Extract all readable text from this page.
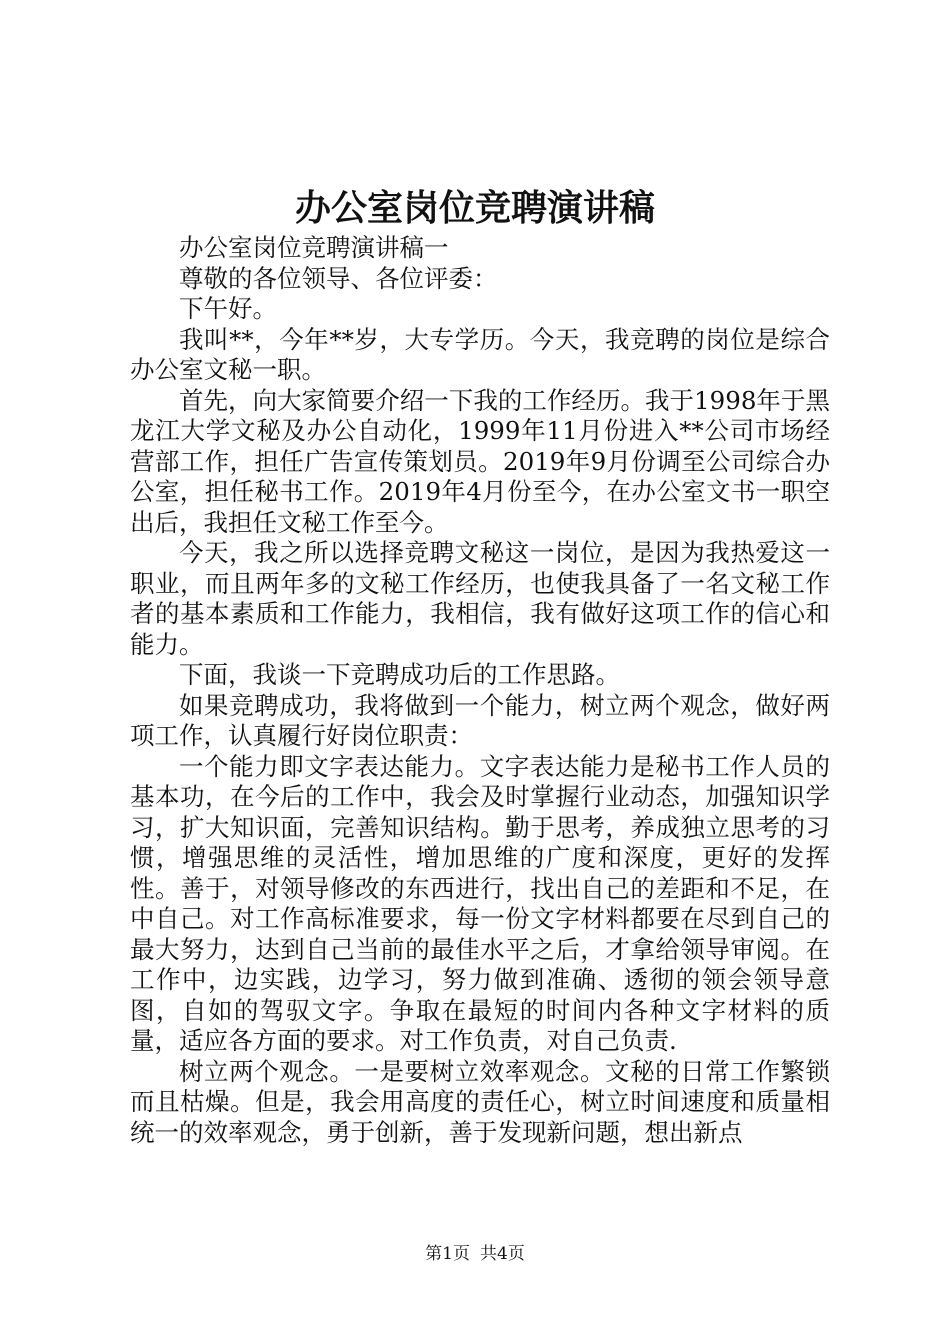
办公室岗位竞聘演讲稿

办公室岗位竞聘演讲稿一

尊敬的各位领导、各位评委：

下午好。

我叫**，今年**岁，大专学历。今天，我竞聘的岗位是综合办公室文秘一职。

首先，向大家简要介绍一下我的工作经历。我于1998年于黑龙江大学文秘及办公自动化，1999年11月份进入**公司市场经营部工作，担任广告宣传策划员。2019年9月份调至公司综合办公室，担任秘书工作。2019年4月份至今，在办公室文书一职空出后，我担任文秘工作至今。

今天，我之所以选择竞聘文秘这一岗位，是因为我热爱这一职业，而且两年多的文秘工作经历，也使我具备了一名文秘工作者的基本素质和工作能力，我相信，我有做好这项工作的信心和能力。

下面，我谈一下竞聘成功后的工作思路。

如果竞聘成功，我将做到一个能力，树立两个观念，做好两项工作，认真履行好岗位职责：

一个能力即文字表达能力。文字表达能力是秘书工作人员的基本功，在今后的工作中，我会及时掌握行业动态，加强知识学习，扩大知识面，完善知识结构。勤于思考，养成独立思考的习惯，增强思维的灵活性，增加思维的广度和深度，更好的发挥性。善于，对领导修改的东西进行，找出自己的差距和不足，在中自己。对工作高标准要求，每一份文字材料都要在尽到自己的最大努力，达到自己当前的最佳水平之后，才拿给领导审阅。在工作中，边实践，边学习，努力做到准确、透彻的领会领导意图，自如的驾驭文字。争取在最短的时间内各种文字材料的质量，适应各方面的要求。对工作负责，对自己负责.

树立两个观念。一是要树立效率观念。文秘的日常工作繁锁而且枯燥。但是，我会用高度的责任心，树立时间速度和质量相统一的效率观念，勇于创新，善于发现新问题，想出新点

第1页 共4页
